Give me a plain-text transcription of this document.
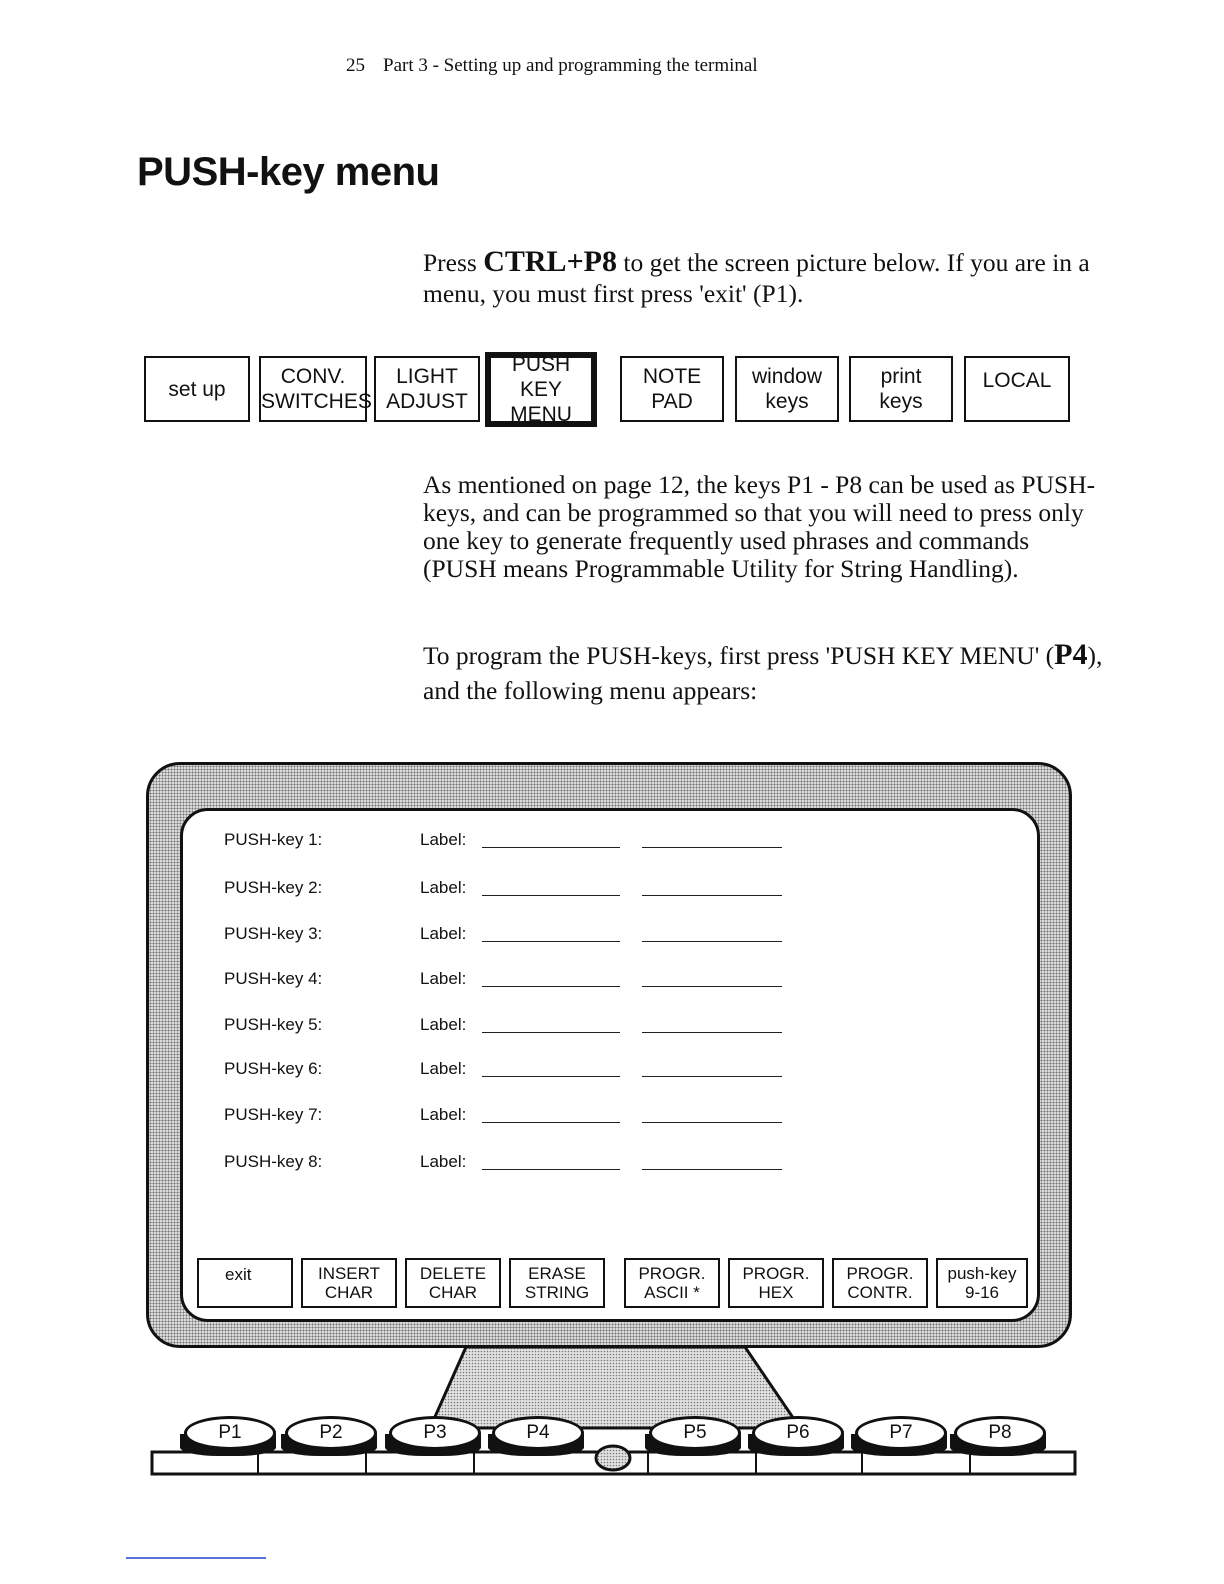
25 Part 3 - Setting up and programming the terminal
PUSH-key menu
Press CTRL+P8 to get the screen picture below. If you are in a menu, you must first press 'exit' (P1).
set up
CONV.
SWITCHES
LIGHT
ADJUST
PUSH KEY
MENU
NOTE
PAD
window
keys
print
keys
LOCAL
As mentioned on page 12, the keys P1 - P8 can be used as PUSH-keys, and can be programmed so that you will need to press only one key to generate frequently used phrases and commands (PUSH means Programmable Utility for String Handling).
To program the PUSH-keys, first press 'PUSH KEY MENU' (P4), and the following menu appears:
PUSH-key 1:	Label:
PUSH-key 2:	Label:
PUSH-key 3:	Label:
PUSH-key 4:	Label:
PUSH-key 5:	Label:
PUSH-key 6:	Label:
PUSH-key 7:	Label:
PUSH-key 8:	Label:
exit	INSERT
CHAR
DELETE
CHAR
ERASE
STRING
PROGR.
ASCII *
PROGR.
HEX
PROGR.
CONTR.
push-key
9-16
P1	P2	P3	P4	P5	P6	P7	P8
